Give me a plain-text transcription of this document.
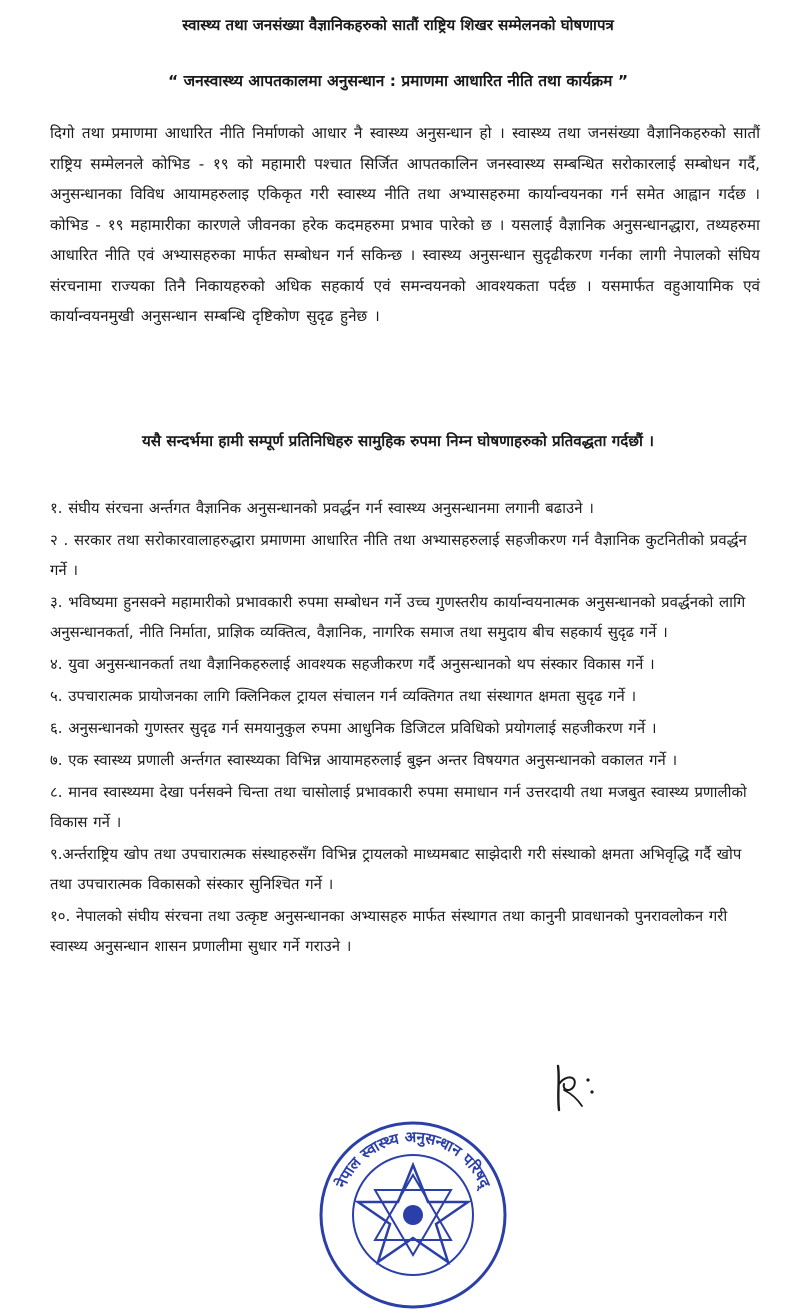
स्वास्थ्य तथा जनसंख्या वैज्ञानिकहरुको सातौं राष्ट्रिय शिखर सम्मेलनको घोषणापत्र
“ जनस्वास्थ्य आपतकालमा अनुसन्धान : प्रमाणमा आधारित नीति तथा कार्यक्रम ”
दिगो तथा प्रमाणमा आधारित नीति निर्माणको आधार नै स्वास्थ्य अनुसन्धान हो । स्वास्थ्य तथा जनसंख्या वैज्ञानिकहरुको सातौं राष्ट्रिय सम्मेलनले कोभिड - १९ को महामारी पश्चात सिर्जित आपतकालिन जनस्वास्थ्य सम्बन्धित सरोकारलाई सम्बोधन गर्दै, अनुसन्धानका विविध आयामहरुलाइ एकिकृत गरी स्वास्थ्य नीति तथा अभ्यासहरुमा कार्यान्वयनका गर्न समेत आह्वान गर्दछ । कोभिड - १९ महामारीका कारणले जीवनका हरेक कदमहरुमा प्रभाव पारेको छ । यसलाई वैज्ञानिक अनुसन्धानद्धारा, तथ्यहरुमा आधारित नीति एवं अभ्यासहरुका मार्फत सम्बोधन गर्न सकिन्छ । स्वास्थ्य अनुसन्धान सुदृढीकरण गर्नका लागी नेपालको संघिय संरचनामा राज्यका तिनै निकायहरुको अधिक सहकार्य एवं समन्वयनको आवश्यकता पर्दछ । यसमार्फत वहुआयामिक एवं कार्यान्वयनमुखी अनुसन्धान सम्बन्धि दृष्टिकोण सुदृढ हुनेछ ।
यसै सन्दर्भमा हामी सम्पूर्ण प्रतिनिधिहरु सामुहिक रुपमा निम्न घोषणाहरुको प्रतिवद्धता गर्दछौं ।
१. संघीय संरचना अर्न्तगत वैज्ञानिक अनुसन्धानको प्रवर्द्धन गर्न स्वास्थ्य अनुसन्धानमा लगानी बढाउने ।
२ . सरकार तथा सरोकारवालाहरुद्धारा प्रमाणमा आधारित नीति तथा अभ्यासहरुलाई सहजीकरण गर्न वैज्ञानिक कुटनितीको प्रवर्द्धन गर्ने ।
३. भविष्यमा हुनसक्ने महामारीको प्रभावकारी रुपमा सम्बोधन गर्ने उच्च गुणस्तरीय कार्यान्वयनात्मक अनुसन्धानको प्रवर्द्धनको लागि अनुसन्धानकर्ता, नीति निर्माता, प्राज्ञिक व्यक्तित्व, वैज्ञानिक, नागरिक समाज तथा समुदाय बीच सहकार्य सुदृढ गर्ने ।
४. युवा अनुसन्धानकर्ता तथा वैज्ञानिकहरुलाई आवश्यक सहजीकरण गर्दै अनुसन्धानको थप संस्कार विकास गर्ने ।
५. उपचारात्मक प्रायोजनका लागि क्लिनिकल ट्रायल संचालन गर्न व्यक्तिगत तथा संस्थागत क्षमता सुदृढ गर्ने ।
६. अनुसन्धानको गुणस्तर सुदृढ गर्न समयानुकुल रुपमा आधुनिक डिजिटल प्रविधिको प्रयोगलाई सहजीकरण गर्ने ।
७. एक स्वास्थ्य प्रणाली अर्न्तगत स्वास्थ्यका विभिन्न आयामहरुलाई बुझ्न अन्तर विषयगत अनुसन्धानको वकालत गर्ने ।
८. मानव स्वास्थ्यमा देखा पर्नसक्ने चिन्ता तथा चासोलाई प्रभावकारी रुपमा समाधान गर्न उत्तरदायी तथा मजबुत स्वास्थ्य प्रणालीको विकास गर्ने ।
९.अर्न्तराष्ट्रिय खोप तथा उपचारात्मक संस्थाहरुसँग विभिन्न ट्रायलको माध्यमबाट साझेदारी गरी संस्थाको क्षमता अभिवृद्धि गर्दै खोप तथा उपचारात्मक विकासको संस्कार सुनिश्चित गर्ने ।
१०. नेपालको संघीय संरचना तथा उत्कृष्ट अनुसन्धानका अभ्यासहरु मार्फत संस्थागत तथा कानुनी प्रावधानको पुनरावलोकन गरी स्वास्थ्य अनुसन्धान शासन प्रणालीमा सुधार गर्ने गराउने ।
नेपाल स्वास्थ्य अनुसन्धान परिषद्
